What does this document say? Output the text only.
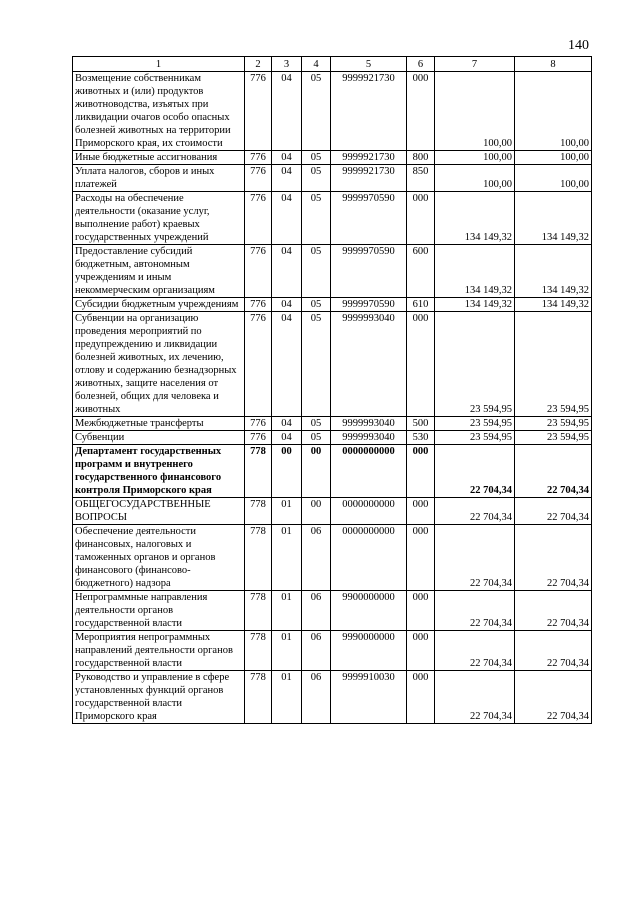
140
1	2	3	4	5	6	7	8
Возмещение собственникам животных и (или) продуктов животноводства, изъятых при ликвидации очагов особо опасных болезней животных на территории Приморского края, их стоимости	776	04	05	9999921730	000	100,00	100,00
Иные бюджетные ассигнования	776	04	05	9999921730	800	100,00	100,00
Уплата налогов, сборов и иных платежей	776	04	05	9999921730	850	100,00	100,00
Расходы на обеспечение деятельности (оказание услуг, выполнение работ) краевых государственных учреждений	776	04	05	9999970590	000	134 149,32	134 149,32
Предоставление субсидий бюджетным, автономным учреждениям и иным некоммерческим организациям	776	04	05	9999970590	600	134 149,32	134 149,32
Субсидии бюджетным учреждениям	776	04	05	9999970590	610	134 149,32	134 149,32
Субвенции на организацию проведения мероприятий по предупреждению и ликвидации болезней животных, их лечению, отлову и содержанию безнадзорных животных, защите населения от болезней, общих для человека и животных	776	04	05	9999993040	000	23 594,95	23 594,95
Межбюджетные трансферты	776	04	05	9999993040	500	23 594,95	23 594,95
Субвенции	776	04	05	9999993040	530	23 594,95	23 594,95
Департамент государственных программ и внутреннего государственного финансового контроля Приморского края	778	00	00	0000000000	000	22 704,34	22 704,34
ОБЩЕГОСУДАРСТВЕННЫЕ ВОПРОСЫ	778	01	00	0000000000	000	22 704,34	22 704,34
Обеспечение деятельности финансовых, налоговых и таможенных органов и органов финансового (финансово-бюджетного) надзора	778	01	06	0000000000	000	22 704,34	22 704,34
Непрограммные направления деятельности органов государственной власти	778	01	06	9900000000	000	22 704,34	22 704,34
Мероприятия непрограммных направлений деятельности органов государственной власти	778	01	06	9990000000	000	22 704,34	22 704,34
Руководство и управление в сфере установленных функций органов государственной власти Приморского края	778	01	06	9999910030	000	22 704,34	22 704,34
